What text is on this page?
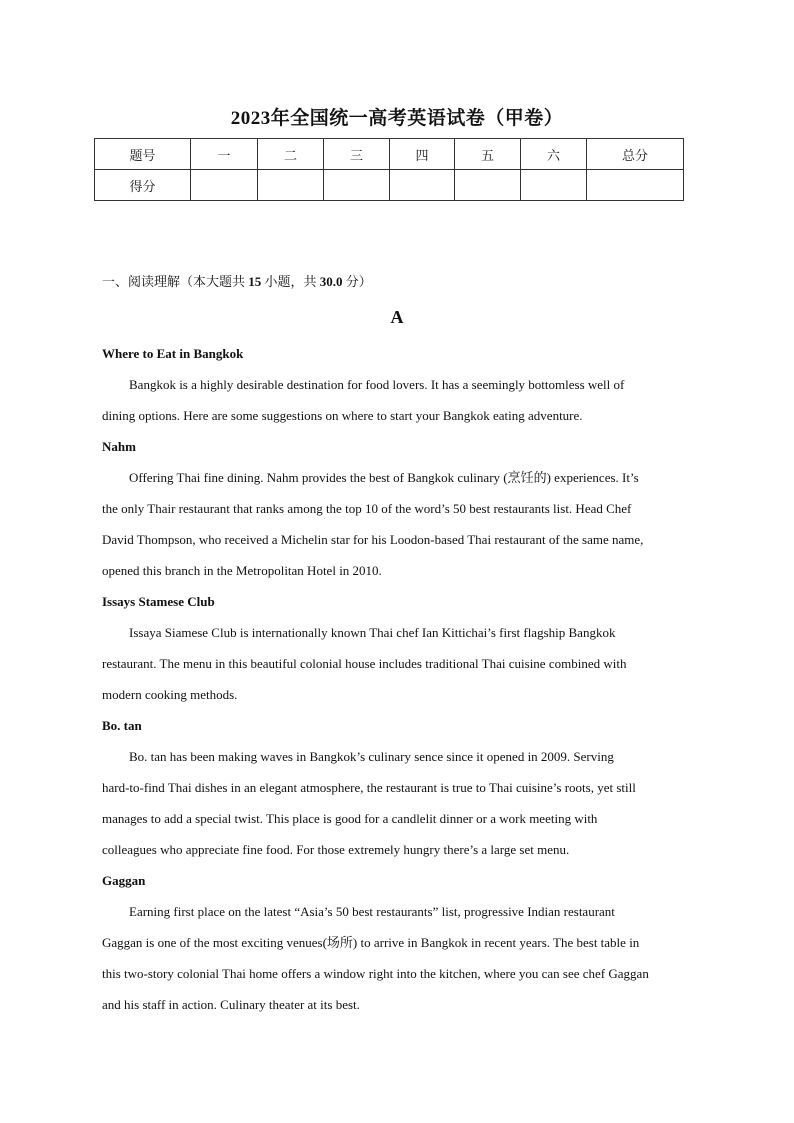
2023年全国统一高考英语试卷（甲卷）
题号	一	二	三	四	五	六	总分
得分							
一、阅读理解（本大题共 15 小题，共 30.0 分）
A
Where to Eat in Bangkok
Bangkok is a highly desirable destination for food lovers. It has a seemingly bottomless well of
dining options. Here are some suggestions on where to start your Bangkok eating adventure.
Nahm
Offering Thai fine dining. Nahm provides the best of Bangkok culinary (烹饪的) experiences. It’s
the only Thair restaurant that ranks among the top 10 of the word’s 50 best restaurants list. Head Chef
David Thompson, who received a Michelin star for his Loodon-based Thai restaurant of the same name,
opened this branch in the Metropolitan Hotel in 2010.
Issays Stamese Club
Issaya Siamese Club is internationally known Thai chef Ian Kittichai’s first flagship Bangkok
restaurant. The menu in this beautiful colonial house includes traditional Thai cuisine combined with
modern cooking methods.
Bo. tan
Bo. tan has been making waves in Bangkok’s culinary sence since it opened in 2009. Serving
hard-to-find Thai dishes in an elegant atmosphere, the restaurant is true to Thai cuisine’s roots, yet still
manages to add a special twist. This place is good for a candlelit dinner or a work meeting with
colleagues who appreciate fine food. For those extremely hungry there’s a large set menu.
Gaggan
Earning first place on the latest “Asia’s 50 best restaurants” list, progressive Indian restaurant
Gaggan is one of the most exciting venues(场所) to arrive in Bangkok in recent years. The best table in
this two-story colonial Thai home offers a window right into the kitchen, where you can see chef Gaggan
and his staff in action. Culinary theater at its best.
